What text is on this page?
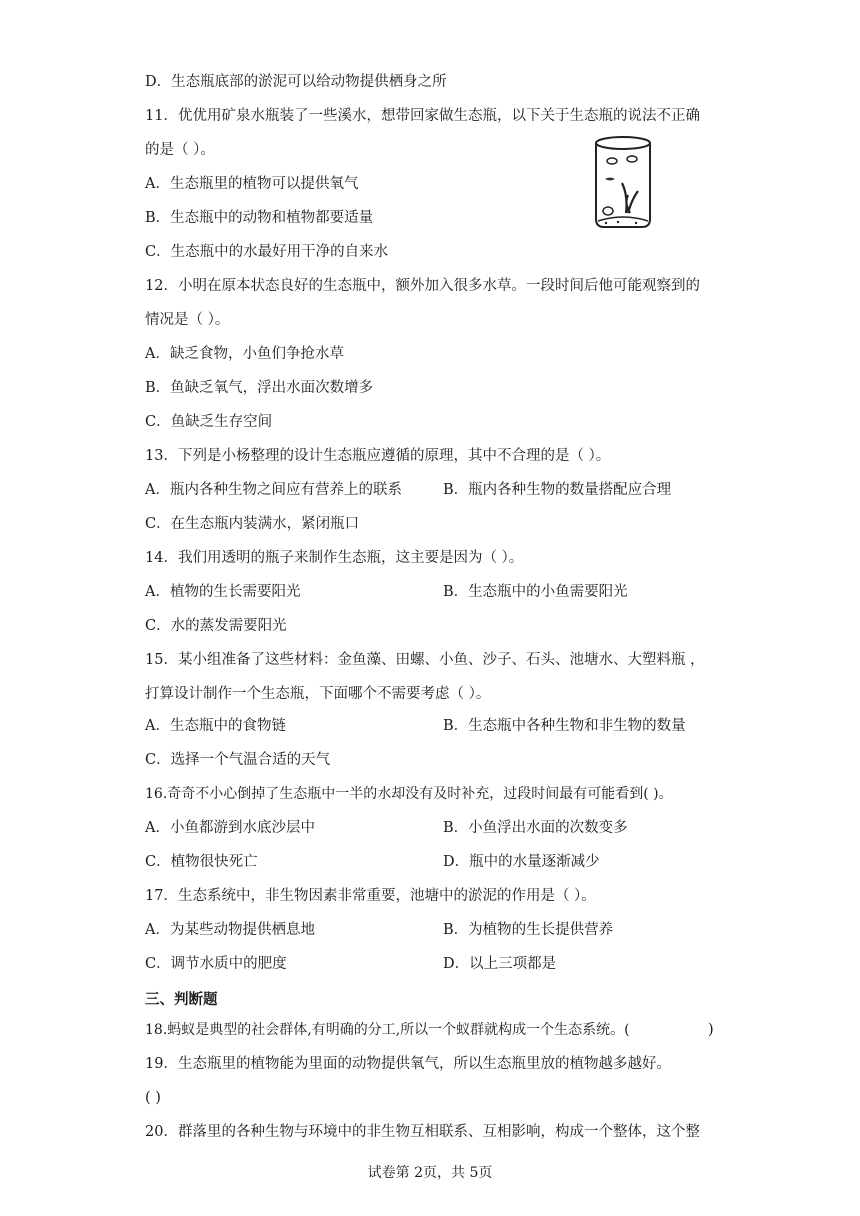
D．生态瓶底部的淤泥可以给动物提供栖身之所
11．优优用矿泉水瓶装了一些溪水，想带回家做生态瓶，以下关于生态瓶的说法不正确
的是（ ）。
A．生态瓶里的植物可以提供氧气
B．生态瓶中的动物和植物都要适量
C．生态瓶中的水最好用干净的自来水
12．小明在原本状态良好的生态瓶中，额外加入很多水草。一段时间后他可能观察到的
情况是（ ）。
A．缺乏食物，小鱼们争抢水草
B．鱼缺乏氧气，浮出水面次数增多
C．鱼缺乏生存空间
13．下列是小杨整理的设计生态瓶应遵循的原理，其中不合理的是（ ）。
A．瓶内各种生物之间应有营养上的联系	B．瓶内各种生物的数量搭配应合理
C．在生态瓶内装满水，紧闭瓶口
14．我们用透明的瓶子来制作生态瓶，这主要是因为（ ）。
A．植物的生长需要阳光	B．生态瓶中的小鱼需要阳光
C．水的蒸发需要阳光
15．某小组准备了这些材料：金鱼藻、田螺、小鱼、沙子、石头、池塘水、大塑料瓶 ，
打算设计制作一个生态瓶，下面哪个不需要考虑（ ）。
A．生态瓶中的食物链	B．生态瓶中各种生物和非生物的数量
C．选择一个气温合适的天气
16.奇奇不小心倒掉了生态瓶中一半的水却没有及时补充，过段时间最有可能看到( )。
A．小鱼都游到水底沙层中	B．小鱼浮出水面的次数变多
C．植物很快死亡	D．瓶中的水量逐渐减少
17．生态系统中，非生物因素非常重要，池塘中的淤泥的作用是（ ）。
A．为某些动物提供栖息地	B．为植物的生长提供营养
C．调节水质中的肥度	D．以上三项都是
三、判断题
18.蚂蚁是典型的社会群体,有明确的分工,所以一个蚁群就构成一个生态系统。(	)
19．生态瓶里的植物能为里面的动物提供氧气，所以生态瓶里放的植物越多越好。
( )
20．群落里的各种生物与环境中的非生物互相联系、互相影响，构成一个整体，这个整
试卷第 2页，共 5页
